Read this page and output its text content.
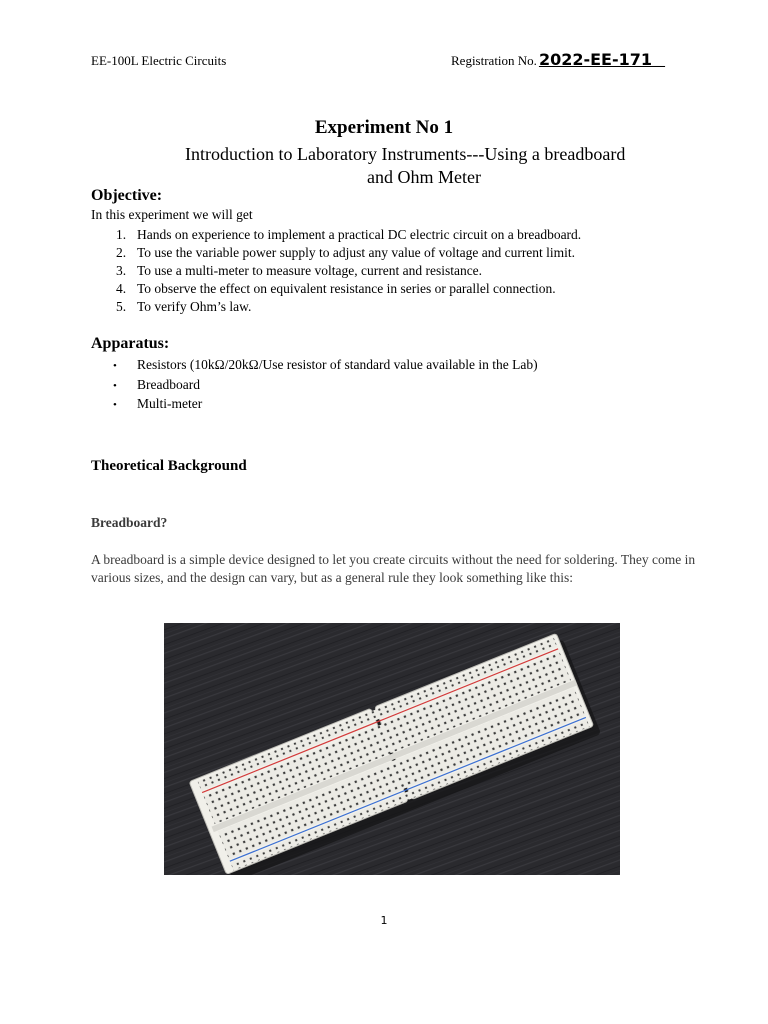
EE-100L Electric Circuits	Registration No. 2022-EE-171__
Experiment No 1
Introduction to Laboratory Instruments---Using a breadboard
and Ohm Meter
Objective:
In this experiment we will get
1. Hands on experience to implement a practical DC electric circuit on a breadboard.
2. To use the variable power supply to adjust any value of voltage and current limit.
3. To use a multi-meter to measure voltage, current and resistance.
4. To observe the effect on equivalent resistance in series or parallel connection.
5. To verify Ohm’s law.
Apparatus:
• Resistors (10kΩ/20kΩ/Use resistor of standard value available in the Lab)
• Breadboard
• Multi-meter
Theoretical Background
Breadboard?
A breadboard is a simple device designed to let you create circuits without the need for soldering. They come in various sizes, and the design can vary, but as a general rule they look something like this:
1
